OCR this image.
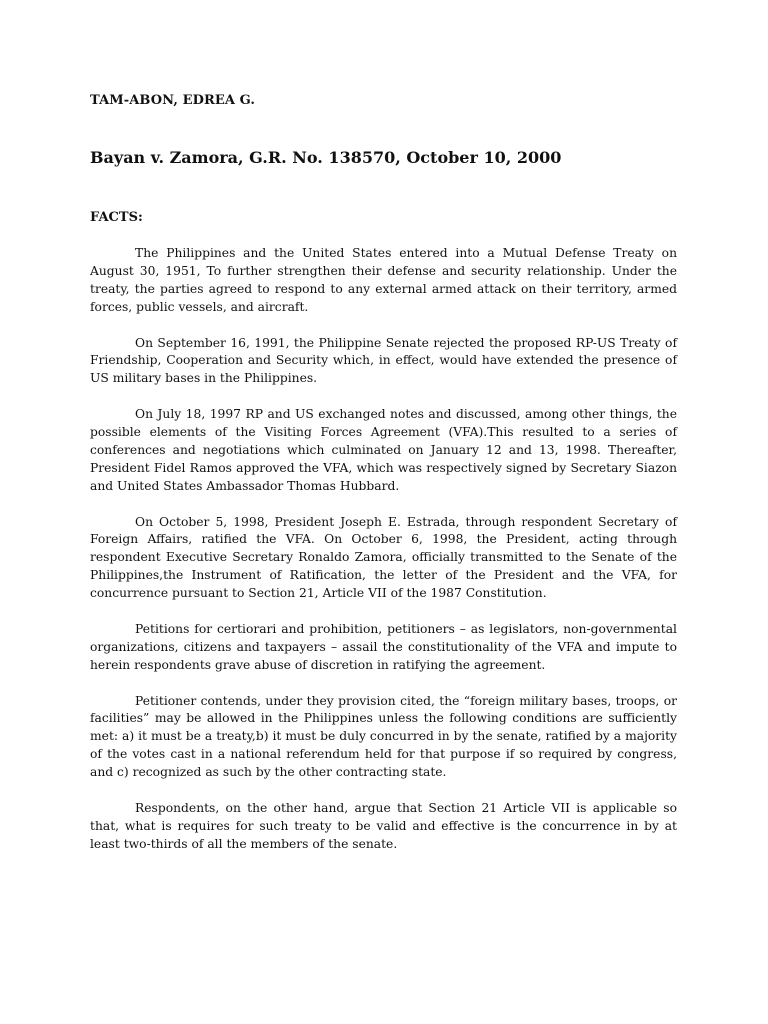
TAM-ABON, EDREA G.
Bayan v. Zamora, G.R. No. 138570, October 10, 2000
FACTS:

The Philippines and the United States entered into a Mutual Defense Treaty on August 30, 1951, To further strengthen their defense and security relationship. Under the treaty, the parties agreed to respond to any external armed attack on their territory, armed forces, public vessels, and aircraft.

On September 16, 1991, the Philippine Senate rejected the proposed RP-US Treaty of Friendship, Cooperation and Security which, in effect, would have extended the presence of US military bases in the Philippines.

On July 18, 1997 RP and US exchanged notes and discussed, among other things, the possible elements of the Visiting Forces Agreement (VFA).This resulted to a series of conferences and negotiations which culminated on January 12 and 13, 1998. Thereafter, President Fidel Ramos approved the VFA, which was respectively signed by Secretary Siazon and United States Ambassador Thomas Hubbard.

On October 5, 1998, President Joseph E. Estrada, through respondent Secretary of Foreign Affairs, ratified the VFA. On October 6, 1998, the President, acting through respondent Executive Secretary Ronaldo Zamora, officially transmitted to the Senate of the Philippines,the Instrument of Ratification, the letter of the President and the VFA, for concurrence pursuant to Section 21, Article VII of the 1987 Constitution.

Petitions for certiorari and prohibition, petitioners – as legislators, non-governmental organizations, citizens and taxpayers – assail the constitutionality of the VFA and impute to herein respondents grave abuse of discretion in ratifying the agreement.

Petitioner contends, under they provision cited, the “foreign military bases, troops, or facilities” may be allowed in the Philippines unless the following conditions are sufficiently met: a) it must be a treaty,b) it must be duly concurred in by the senate, ratified by a majority of the votes cast in a national referendum held for that purpose if so required by congress, and c) recognized as such by the other contracting state.

Respondents, on the other hand, argue that Section 21 Article VII is applicable so that, what is requires for such treaty to be valid and effective is the concurrence in by at least two-thirds of all the members of the senate.
